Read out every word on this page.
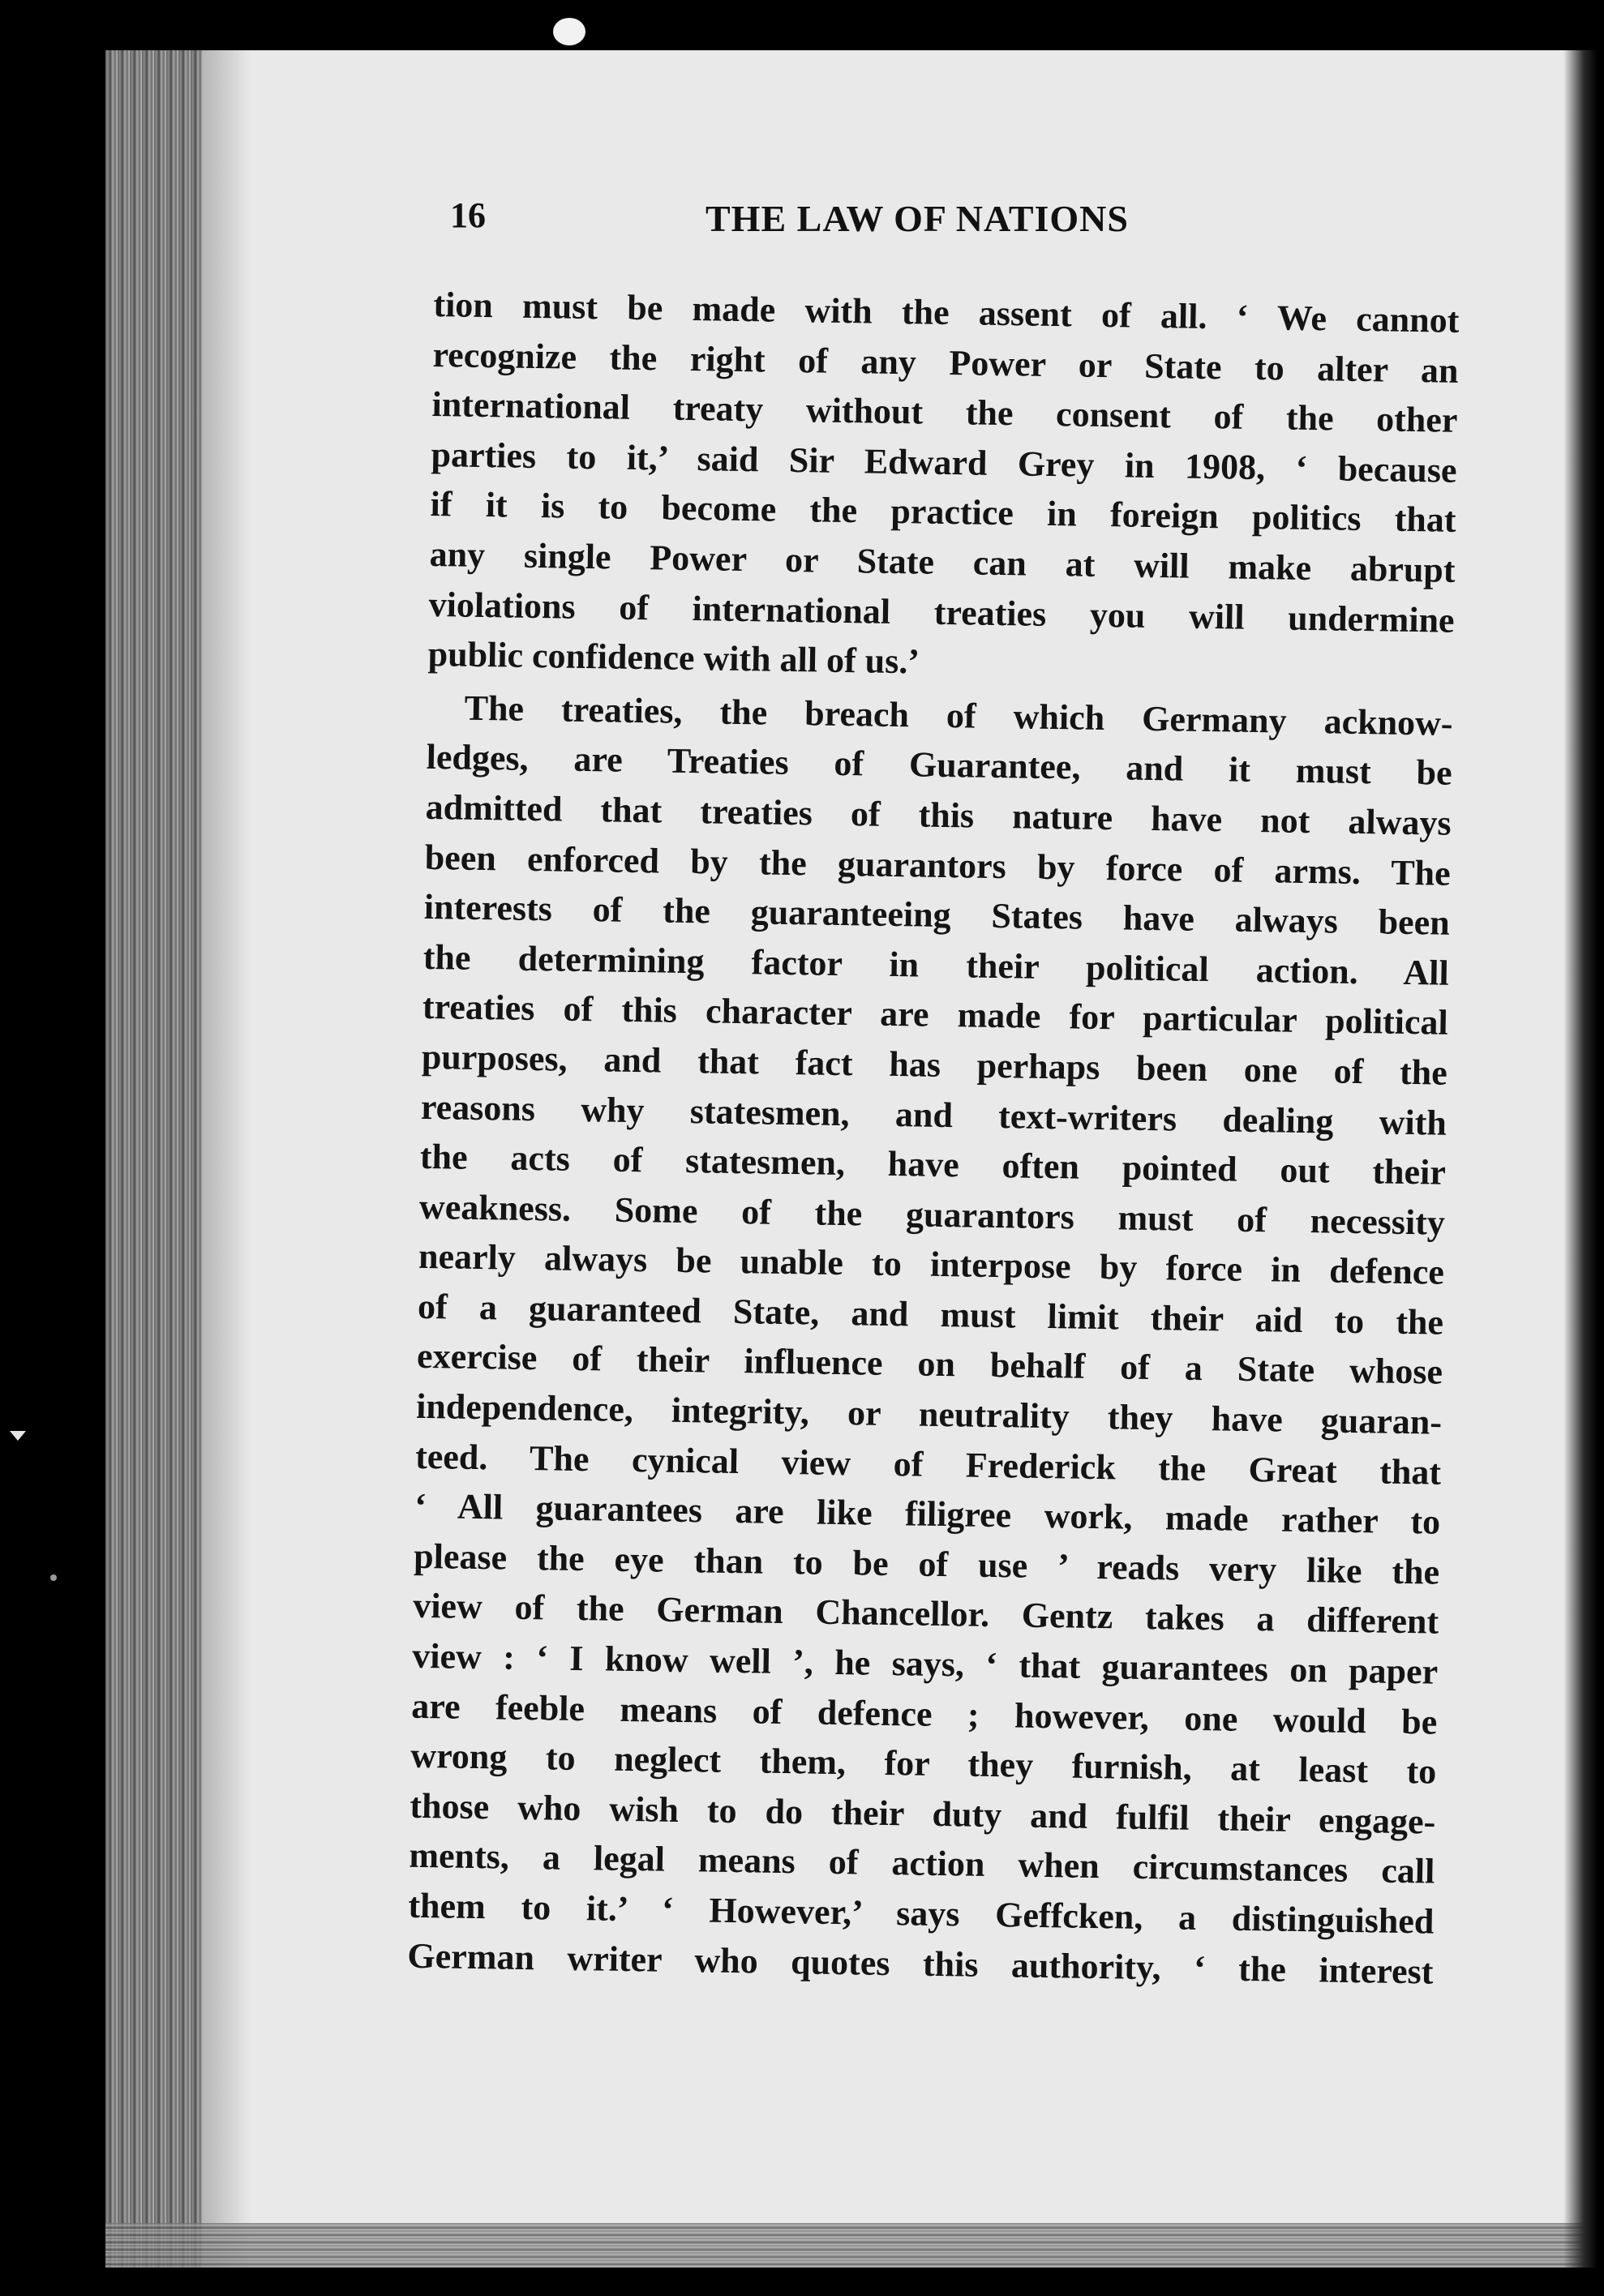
16	THE LAW OF NATIONS
tion must be made with the assent of all. ‘ We cannot
recognize the right of any Power or State to alter an
international treaty without the consent of the other
parties to it,’ said Sir Edward Grey in 1908, ‘ because
if it is to become the practice in foreign politics that
any single Power or State can at will make abrupt
violations of international treaties you will undermine
public confidence with all of us.’
The treaties, the breach of which Germany acknow-
ledges, are Treaties of Guarantee, and it must be
admitted that treaties of this nature have not always
been enforced by the guarantors by force of arms. The
interests of the guaranteeing States have always been
the determining factor in their political action. All
treaties of this character are made for particular political
purposes, and that fact has perhaps been one of the
reasons why statesmen, and text-writers dealing with
the acts of statesmen, have often pointed out their
weakness. Some of the guarantors must of necessity
nearly always be unable to interpose by force in defence
of a guaranteed State, and must limit their aid to the
exercise of their influence on behalf of a State whose
independence, integrity, or neutrality they have guaran-
teed. The cynical view of Frederick the Great that
‘ All guarantees are like filigree work, made rather to
please the eye than to be of use ’ reads very like the
view of the German Chancellor. Gentz takes a different
view : ‘ I know well ’, he says, ‘ that guarantees on paper
are feeble means of defence ; however, one would be
wrong to neglect them, for they furnish, at least to
those who wish to do their duty and fulfil their engage-
ments, a legal means of action when circumstances call
them to it.’ ‘ However,’ says Geffcken, a distinguished
German writer who quotes this authority, ‘ the interest
